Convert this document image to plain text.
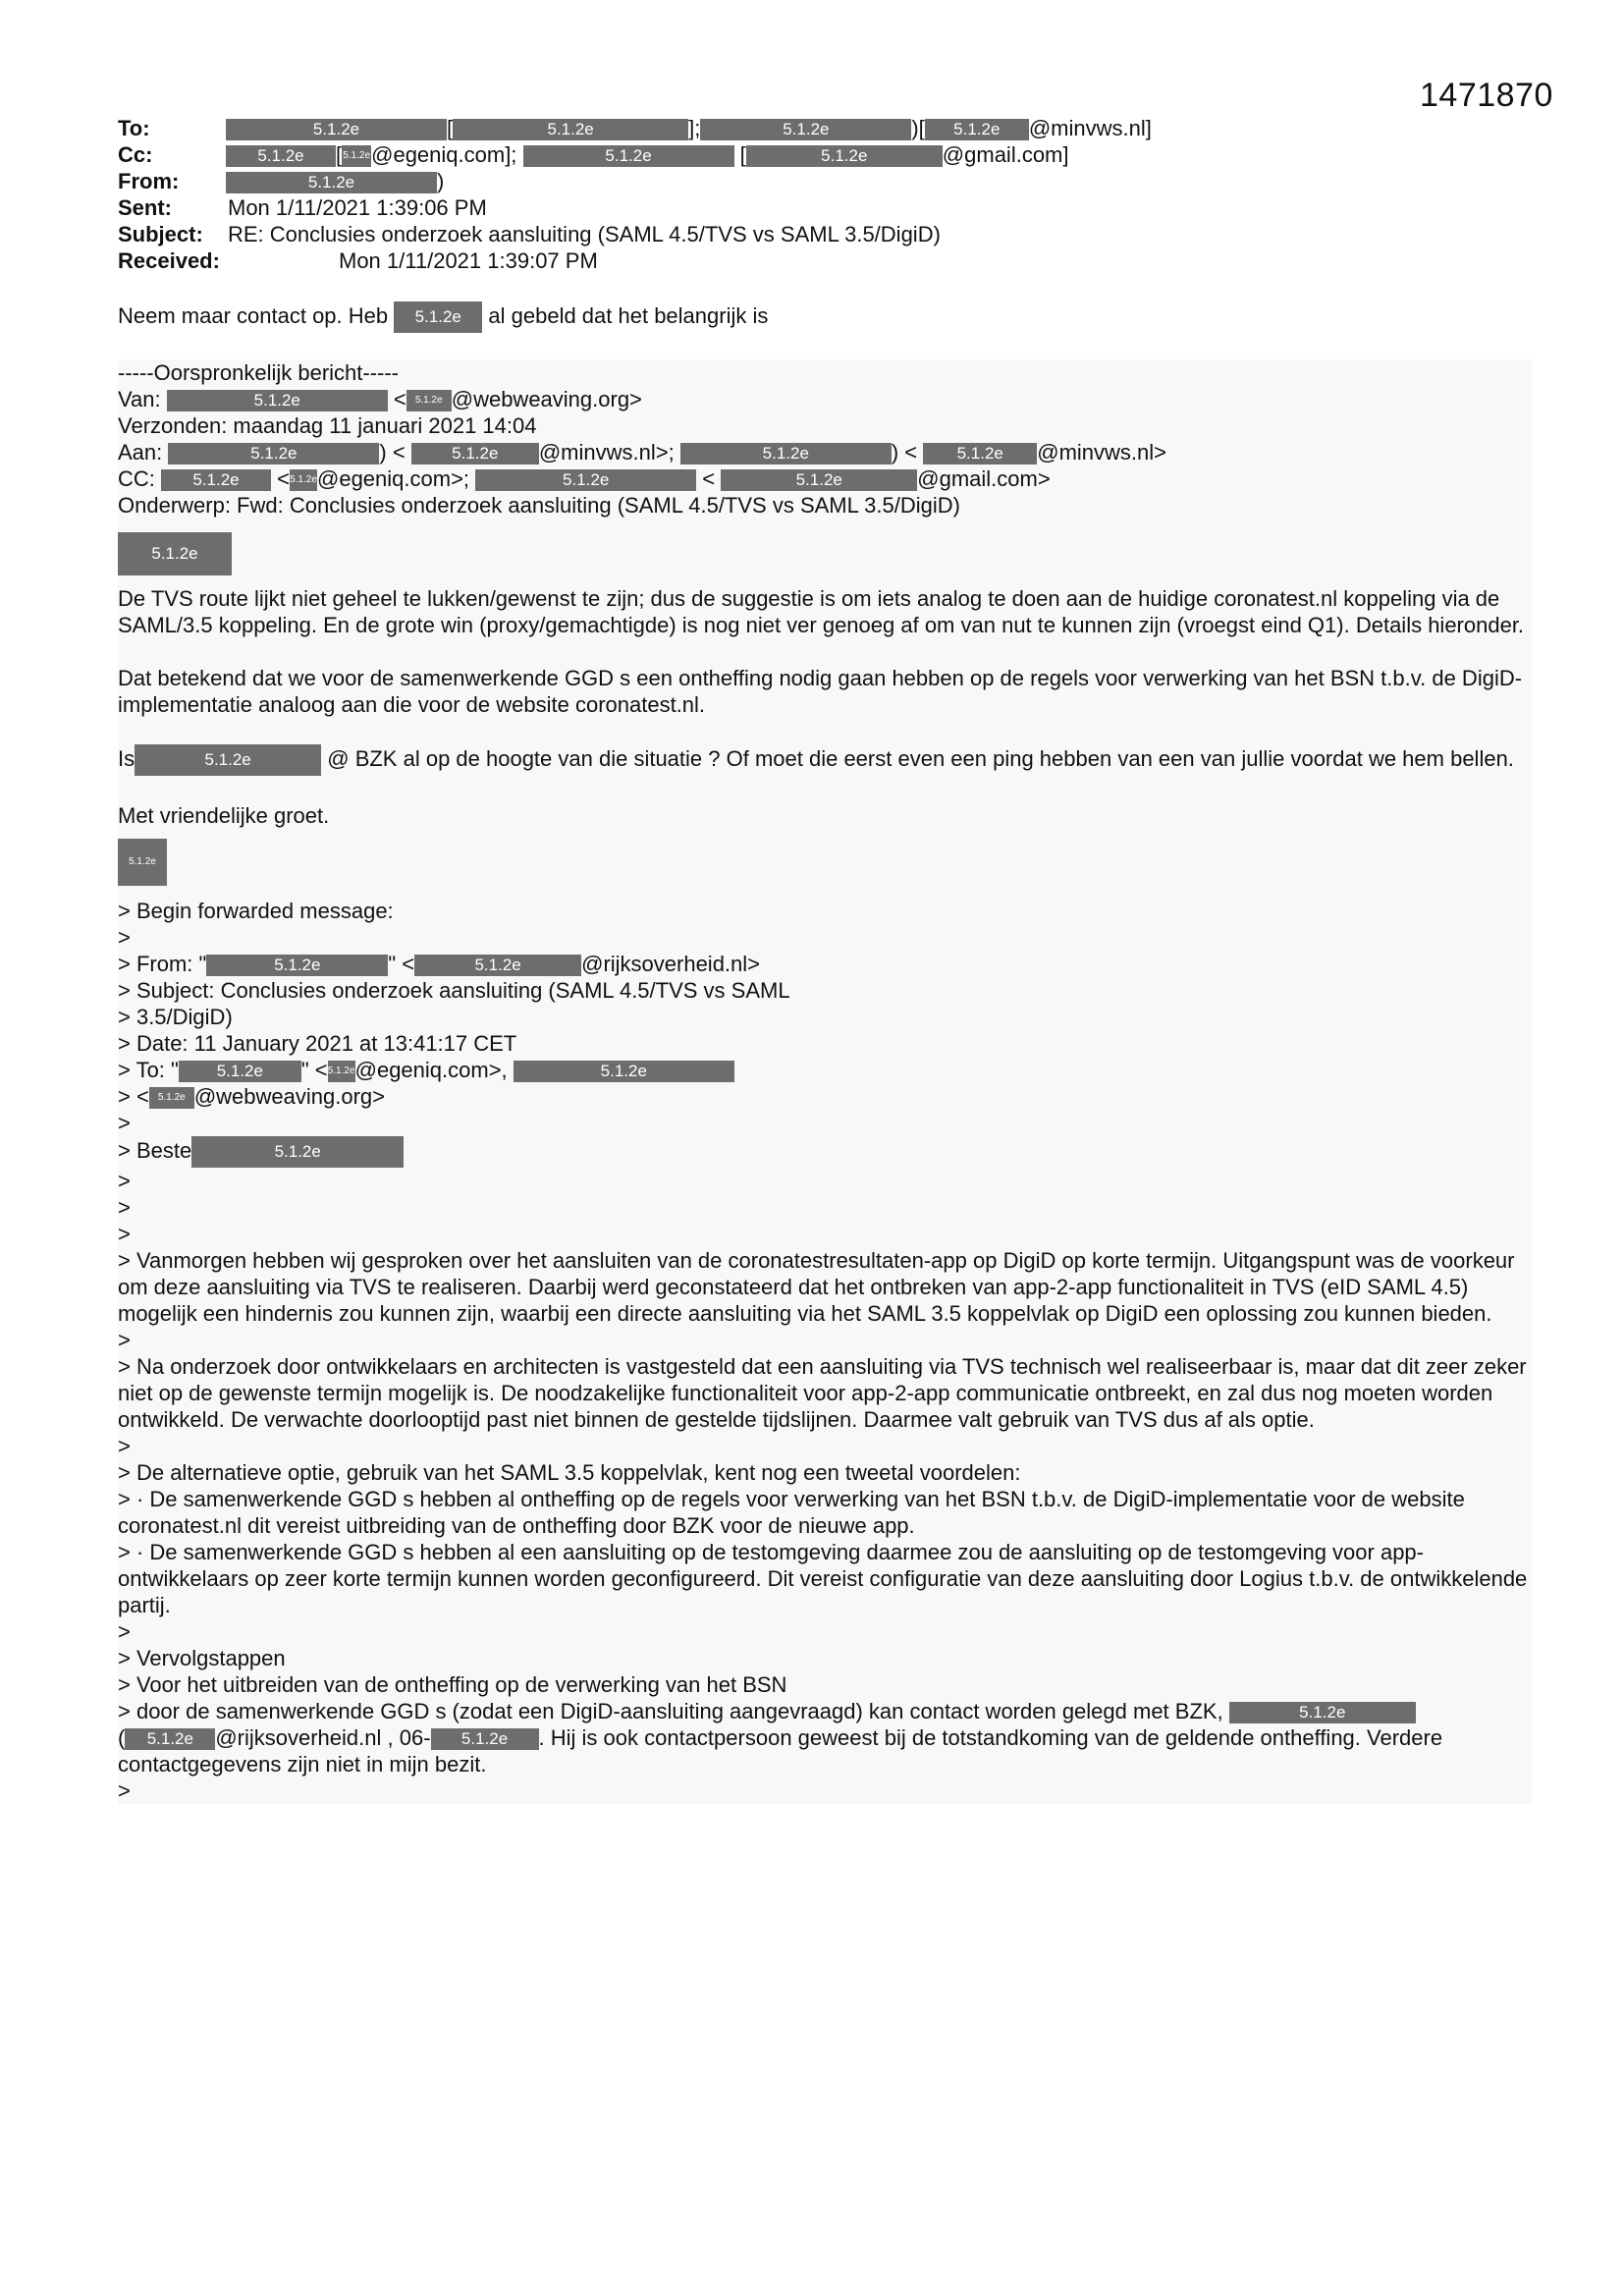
1471870
To:	5.1.2e	[	5.1.2e	];	5.1.2e	)[ 5.1.2e @minvws.nl]
Cc:	5.1.2e [5.1.2e@egeniq.com];	5.1.2e	[	5.1.2e	@gmail.com]
From:	5.1.2e	)
Sent:	Mon 1/11/2021 1:39:06 PM
Subject: RE: Conclusies onderzoek aansluiting (SAML 4.5/TVS vs SAML 3.5/DigiD)
Received:	Mon 1/11/2021 1:39:07 PM

Neem maar contact op. Heb 5.1.2e al gebeld dat het belangrijk is

-----Oorspronkelijk bericht-----

Van:	5.1.2e	< 5.1.2e @webweaving.org>

Verzonden: maandag 11 januari 2021 14:04

Aan:	5.1.2e	) <	5.1.2e @minvws.nl>;	5.1.2e	) < 5.1.2e @minvws.nl>

CC: 5.1.2e <5.1.2e@egeniq.com>;	5.1.2e	<	5.1.2e	@gmail.com>

Onderwerp: Fwd: Conclusies onderzoek aansluiting (SAML 4.5/TVS vs SAML 3.5/DigiD)

5.1.2e

De TVS route lijkt niet geheel te lukken/gewenst te zijn; dus de suggestie is om iets analog te doen aan de huidige coronatest.nl koppeling via de SAML/3.5 koppeling. En de grote win (proxy/gemachtigde) is nog niet ver genoeg af om van nut te kunnen zijn (vroegst eind Q1). Details hieronder.

Dat betekend dat we voor de samenwerkende GGD s een ontheffing nodig gaan hebben op de regels voor verwerking van het BSN t.b.v. de DigiD-implementatie analoog aan die voor de website coronatest.nl.

Is	5.1.2e	@ BZK al op de hoogte van die situatie ? Of moet die eerst even een ping hebben van een van jullie voordat we hem bellen.

Met vriendelijke groet.

5.1.2e

> Begin forwarded message:

>

> From: "	5.1.2e	" <	5.1.2e	@rijksoverheid.nl>

> Subject: Conclusies onderzoek aansluiting (SAML 4.5/TVS vs SAML

> 3.5/DigiD)

> Date: 11 January 2021 at 13:41:17 CET

> To: " 5.1.2e " <5.1.2e@egeniq.com>,	5.1.2e

> < 5.1.2e @webweaving.org>

>

> Beste	5.1.2e

>

>

>

> Vanmorgen hebben wij gesproken over het aansluiten van de coronatestresultaten-app op DigiD op korte termijn. Uitgangspunt was de voorkeur om deze aansluiting via TVS te realiseren. Daarbij werd geconstateerd dat het ontbreken van app-2-app functionaliteit in TVS (eID SAML 4.5) mogelijk een hindernis zou kunnen zijn, waarbij een directe aansluiting via het SAML 3.5 koppelvlak op DigiD een oplossing zou kunnen bieden.

>

> Na onderzoek door ontwikkelaars en architecten is vastgesteld dat een aansluiting via TVS technisch wel realiseerbaar is, maar dat dit zeer zeker niet op de gewenste termijn mogelijk is. De noodzakelijke functionaliteit voor app-2-app communicatie ontbreekt, en zal dus nog moeten worden ontwikkeld. De verwachte doorlooptijd past niet binnen de gestelde tijdslijnen. Daarmee valt gebruik van TVS dus af als optie.

>

> De alternatieve optie, gebruik van het SAML 3.5 koppelvlak, kent nog een tweetal voordelen:

> · De samenwerkende GGD s hebben al ontheffing op de regels voor verwerking van het BSN t.b.v. de DigiD-implementatie voor de website coronatest.nl dit vereist uitbreiding van de ontheffing door BZK voor de nieuwe app.

> · De samenwerkende GGD s hebben al een aansluiting op de testomgeving daarmee zou de aansluiting op de testomgeving voor app-ontwikkelaars op zeer korte termijn kunnen worden geconfigureerd. Dit vereist configuratie van deze aansluiting door Logius t.b.v. de ontwikkelende partij.

>

> Vervolgstappen

> Voor het uitbreiden van de ontheffing op de verwerking van het BSN

> door de samenwerkende GGD s (zodat een DigiD-aansluiting aangevraagd) kan contact worden gelegd met BZK,	5.1.2e

( 5.1.2e @rijksoverheid.nl , 06- 5.1.2e . Hij is ook contactpersoon geweest bij de totstandkoming van de geldende ontheffing. Verdere contactgegevens zijn niet in mijn bezit.

>
